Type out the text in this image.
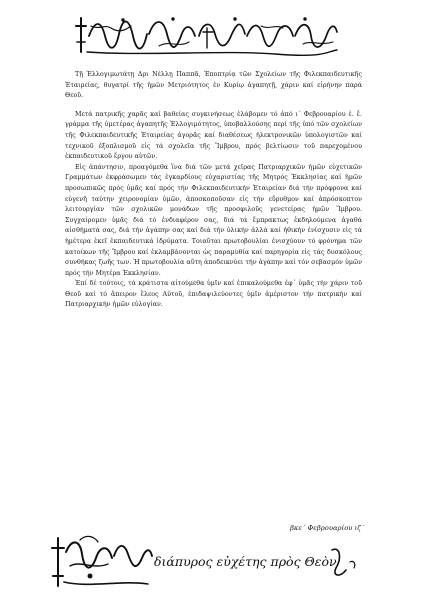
Τῇ Ἐλλογιμωτάτῃ Δρι Νέλλῃ Παππᾶ, Ἐποπτρίᾳ τῶν Σχολείων τῆς Φιλεκπαιδευτικῆς Ἑταιρείας, θυγατρί τῆς ἡμῶν Μετριότητος ἐν Κυρίῳ ἀγαπητῇ, χάριν καί εἰρήνην παρά Θεοῦ.

Μετά πατρικῆς χαρᾶς καί βαθείας συγκινήσεως ἐλάβομεν τό ἀπό ι΄ Φεβρουαρίου ἐ. ἔ. γράμμα τῆς ὑμετέρας ἀγαπητῆς Ἐλλογιμότητος, ὑποβαλλούσης περί τῆς ὑπό τῶν σχολείων τῆς Φιλεκπαιδευτικῆς Ἑταιρείας ἀγορᾶς καί διαθέσεως ἠλεκτρονικῶν ὑπολογιστῶν καί τεχνικοῦ ἐξοπλισμοῦ εἰς τά σχολεῖα τῆς Ἴμβρου, πρός βελτίωσιν τοῦ παρεχομένου ἐκπαιδευτικοῦ ἔργου αὐτῶν.

Εἰς ἀπάντησιν, προαγόμεθα ἵνα διά τῶν μετά χεῖρας Πατριαρχικῶν ἡμῶν εὐχετικῶν Γραμμάτων ἐκφράσωμεν τάς ἐγκαρδίους εὐχαριστίας τῆς Μητρός Ἐκκλησίας καί ἡμῶν προσωπικῶς πρός ὑμᾶς καί πρός τήν Φιλεκπαιδευτικήν Ἑταιρείαν διά τήν πρόφρονα καί εὐγενῆ ταύτην χειρονομίαν ὑμῶν, ἀποσκοποῦσαν εἰς τήν εὔρυθμον καί ἀπρόσκοπτον λειτουργίαν τῶν σχολικῶν μονάδων τῆς προσφιλοῦς γενετείρας ἡμῶν Ἴμβρου. Συγχαίρομεν ὑμᾶς διά τό ἐνδιαφέρον σας, διά τά ἔμπρακτως ἐκδηλούμενα ἀγαθά αἰσθήματά σας, διά τήν ἀγάπην σας καί διά τήν ὑλικήν ἀλλά καί ἠθικήν ἐνίσχυσιν εἰς τά ἡμέτερα ἐκεῖ ἐκπαιδευτικά ἱδρύματα. Τοιαῦται πρωτοβουλίαι ἐνισχύουν τό φρόνημα τῶν κατοίκων τῆς Ἴμβρου καί ἐκλαμβάνονται ὡς παραμυθία καί παρηγορία εἰς τάς δυσκόλους συνθήκας ζωῆς των. Ἡ πρωτοβουλία αὕτη ἀποδεικνύει τήν ἀγάπην καί τόν σεβασμόν ὑμῶν πρός τήν Μητέρα Ἐκκλησίαν.

Ἐπί δέ τούτοις, τά κράτιστα αἰτούμεθα ὑμῖν καί ἐπικαλούμεθα ἐφ᾿ ὑμᾶς τήν χάριν τοῦ Θεοῦ καί τό ἄπειρον ἔλεος Αὐτοῦ, ἐπιδαψιλεύοντες ὑμῖν ἀμέριστον τήν πατρικήν καί Πατριαρχικήν ἡμῶν εὐλογίαν.

βκε΄ Φεβρουαρίου ιζ΄
διάπυρος εὐχέτης πρὸς Θεὸν
